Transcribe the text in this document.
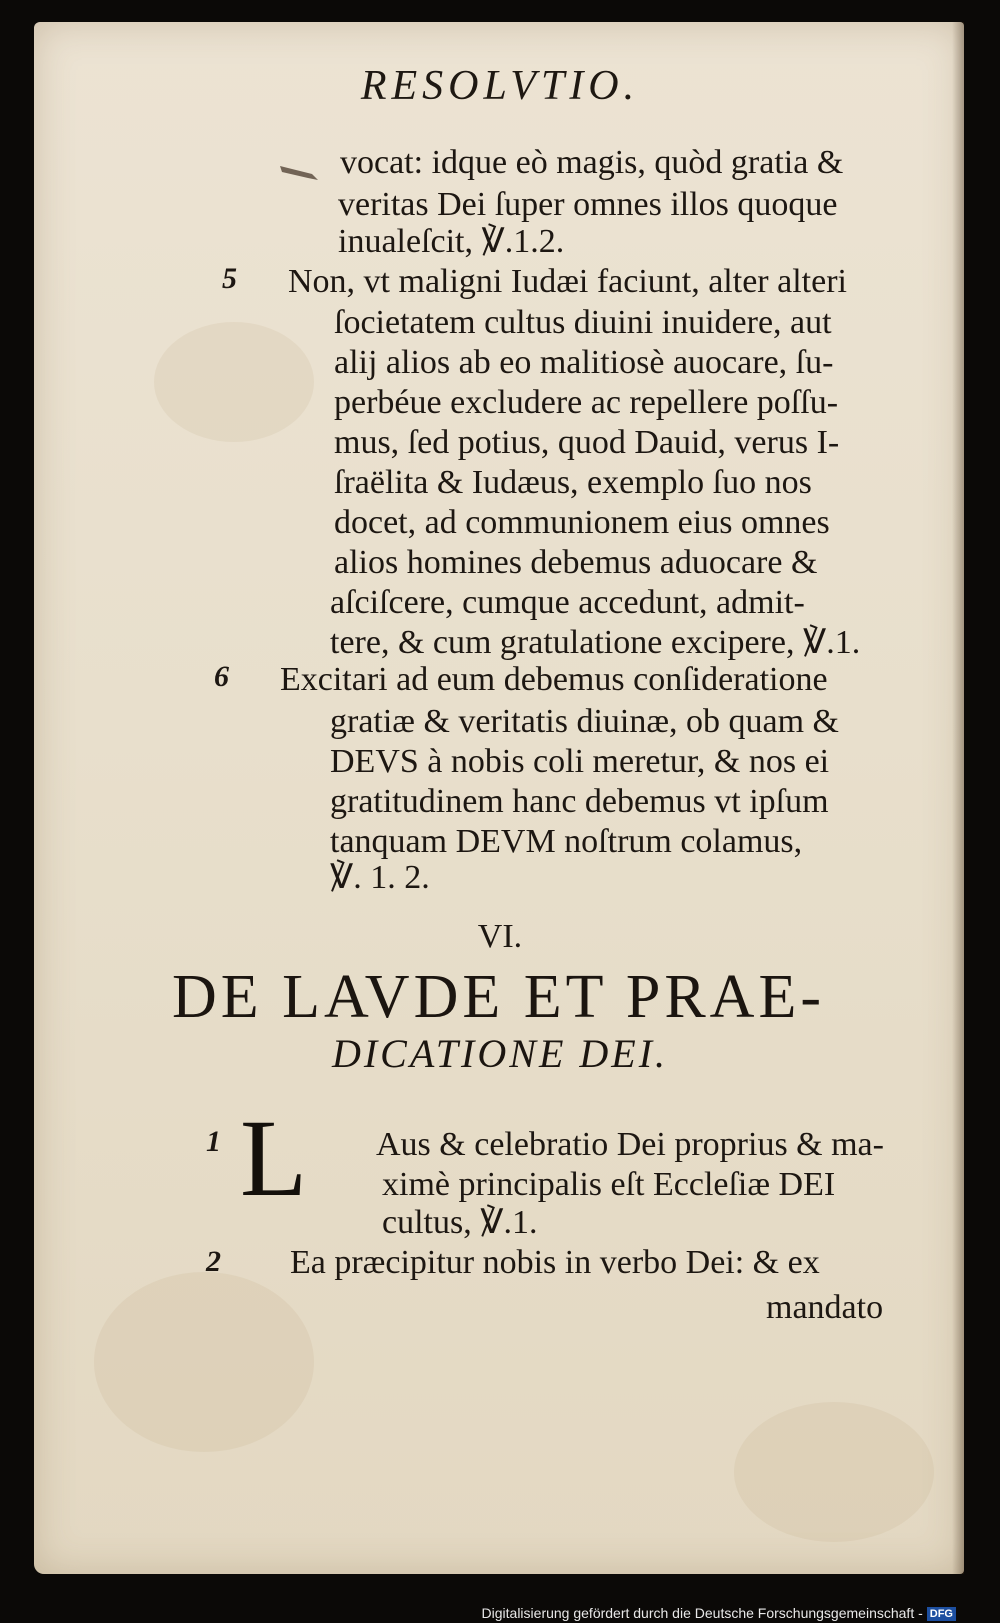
RESOLVTIO.
vocat: idque eò magis, quòd gratia &
veritas Dei ſuper omnes illos quoque
inualeſcit, ℣.1.2.
5 Non, vt maligni Iudæi faciunt, alter alteri
ſocietatem cultus diuini inuidere, aut
alij alios ab eo malitiosè auocare, ſu-
perbéue excludere ac repellere poſſu-
mus, ſed potius, quod Dauid, verus I-
ſraëlita & Iudæus, exemplo ſuo nos
docet, ad communionem eius omnes
alios homines debemus aduocare &
aſciſcere, cumque accedunt, admit-
tere, & cum gratulatione excipere, ℣.1.
6 Excitari ad eum debemus conſideratione
gratiæ & veritatis diuinæ, ob quam &
DEVS à nobis coli meretur, & nos ei
gratitudinem hanc debemus vt ipſum
tanquam DEVM noſtrum colamus,
℣. 1. 2.
VI.
DE LAVDE ET PRAE-
DICATIONE DEI.
1 L Aus & celebratio Dei proprius & ma-
ximè principalis eſt Eccleſiæ DEI
cultus, ℣.1.
2 Ea præcipitur nobis in verbo Dei: & ex
mandato
Digitalisierung gefördert durch die Deutsche Forschungsgemeinschaft - DFG
